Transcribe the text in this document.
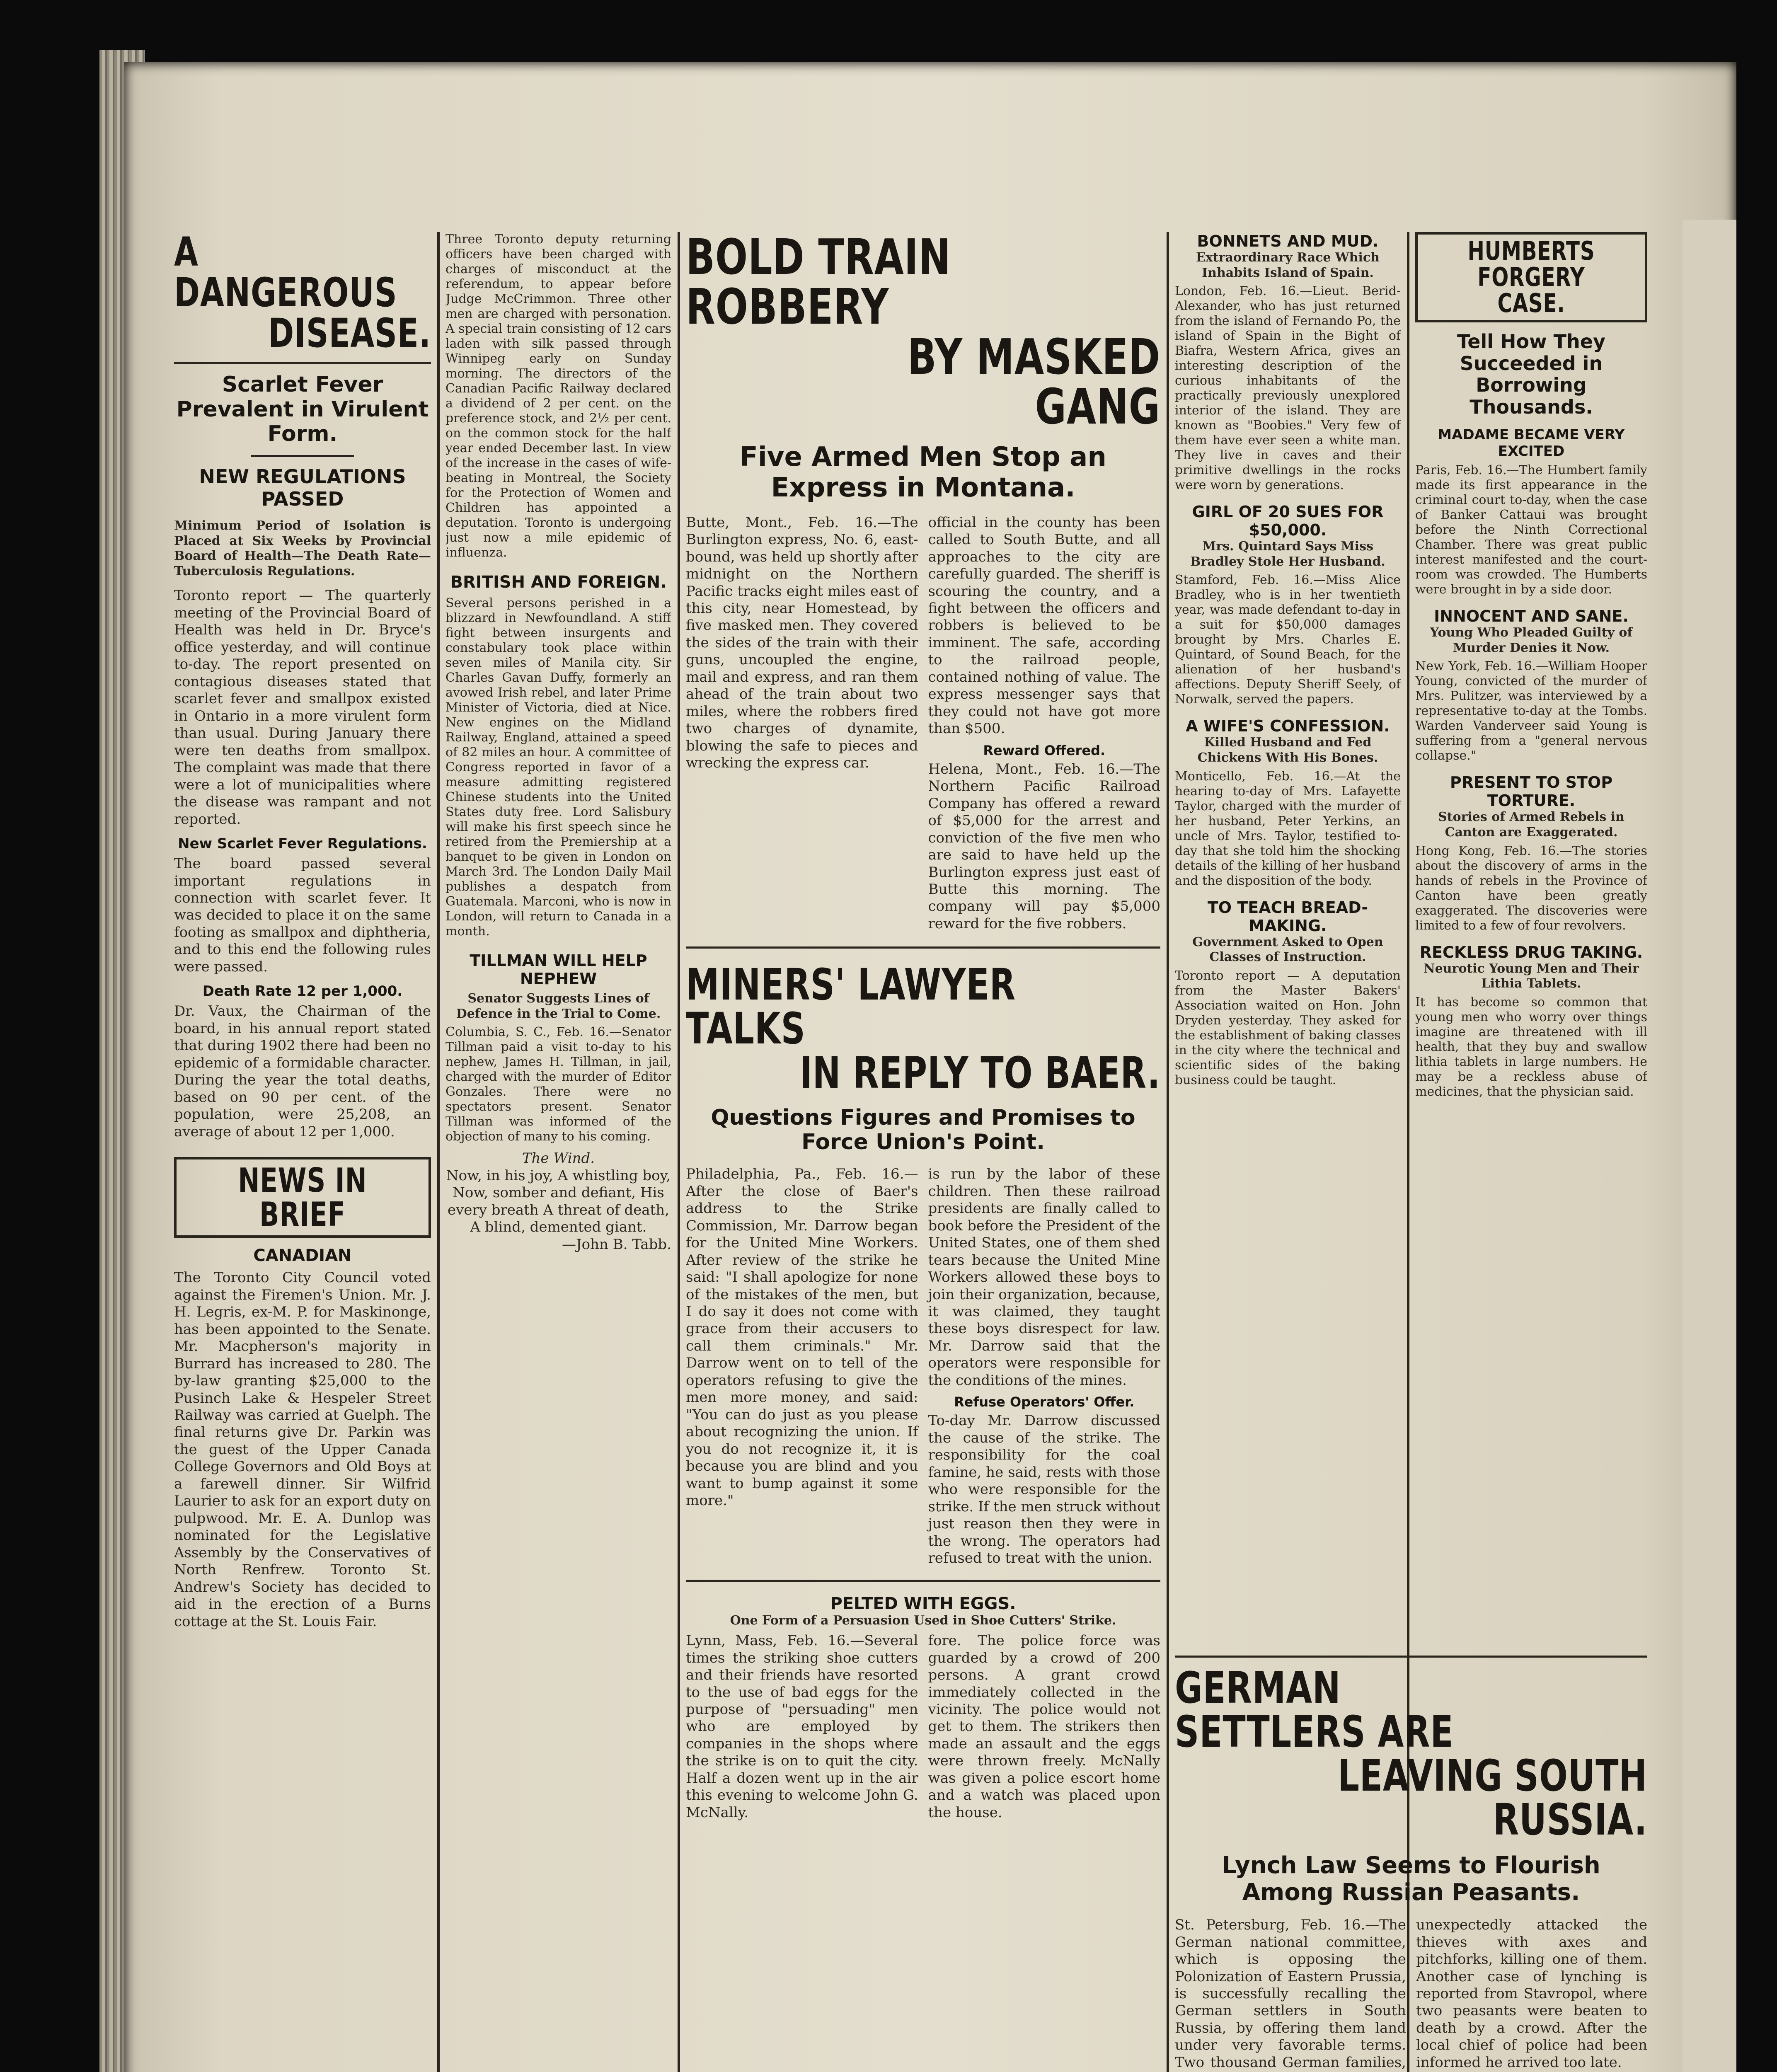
A DANGEROUS
DISEASE.
Scarlet Fever Prevalent in Virulent Form.
NEW REGULATIONS PASSED
Minimum Period of Isolation is Placed at Six Weeks by Provincial Board of Health—The Death Rate—Tuberculosis Regulations.
Toronto report — The quarterly meeting of the Provincial Board of Health was held in Dr. Bryce's office yesterday, and will continue to-day. The report presented on contagious diseases stated that scarlet fever and smallpox existed in Ontario in a more virulent form than usual. During January there were ten deaths from smallpox. The complaint was made that there were a lot of municipalities where the disease was rampant and not reported.
New Scarlet Fever Regulations.
The board passed several important regulations in connection with scarlet fever. It was decided to place it on the same footing as smallpox and diphtheria, and to this end the following rules were passed.
Death Rate 12 per 1,000.
Dr. Vaux, the Chairman of the board, in his annual report stated that during 1902 there had been no epidemic of a formidable character. During the year the total deaths, based on 90 per cent. of the population, were 25,208, an average of about 12 per 1,000.
NEWS IN BRIEF
CANADIAN
The Toronto City Council voted against the Firemen's Union. Mr. J. H. Legris, ex-M. P. for Maskinonge, has been appointed to the Senate. Mr. Macpherson's majority in Burrard has increased to 280. The by-law granting $25,000 to the Pusinch Lake & Hespeler Street Railway was carried at Guelph. The final returns give Dr. Parkin was the guest of the Upper Canada College Governors and Old Boys at a farewell dinner. Sir Wilfrid Laurier to ask for an export duty on pulpwood. Mr. E. A. Dunlop was nominated for the Legislative Assembly by the Conservatives of North Renfrew. Toronto St. Andrew's Society has decided to aid in the erection of a Burns cottage at the St. Louis Fair.
Three Toronto deputy returning officers have been charged with charges of misconduct at the referendum, to appear before Judge McCrimmon. Three other men are charged with personation. A special train consisting of 12 cars laden with silk passed through Winnipeg early on Sunday morning. The directors of the Canadian Pacific Railway declared a dividend of 2 per cent. on the preference stock, and 2½ per cent. on the common stock for the half year ended December last. In view of the increase in the cases of wife-beating in Montreal, the Society for the Protection of Women and Children has appointed a deputation. Toronto is undergoing just now a mile epidemic of influenza.
BRITISH AND FOREIGN.
Several persons perished in a blizzard in Newfoundland. A stiff fight between insurgents and constabulary took place within seven miles of Manila city. Sir Charles Gavan Duffy, formerly an avowed Irish rebel, and later Prime Minister of Victoria, died at Nice. New engines on the Midland Railway, England, attained a speed of 82 miles an hour. A committee of Congress reported in favor of a measure admitting registered Chinese students into the United States duty free. Lord Salisbury will make his first speech since he retired from the Premiership at a banquet to be given in London on March 3rd. The London Daily Mail publishes a despatch from Guatemala. Marconi, who is now in London, will return to Canada in a month.
TILLMAN WILL HELP NEPHEW
Senator Suggests Lines of Defence in the Trial to Come.
Columbia, S. C., Feb. 16.—Senator Tillman paid a visit to-day to his nephew, James H. Tillman, in jail, charged with the murder of Editor Gonzales. There were no spectators present. Senator Tillman was informed of the objection of many to his coming.
The Wind.
Now, in his joy, A whistling boy, Now, somber and defiant, His every breath A threat of death, A blind, demented giant.
—John B. Tabb.
BOLD TRAIN ROBBERY
BY MASKED GANG
Five Armed Men Stop an Express in Montana.
Butte, Mont., Feb. 16.—The Burlington express, No. 6, east-bound, was held up shortly after midnight on the Northern Pacific tracks eight miles east of this city, near Homestead, by five masked men. They covered the sides of the train with their guns, uncoupled the engine, mail and express, and ran them ahead of the train about two miles, where the robbers fired two charges of dynamite, blowing the safe to pieces and wrecking the express car.
official in the county has been called to South Butte, and all approaches to the city are carefully guarded. The sheriff is scouring the country, and a fight between the officers and robbers is believed to be imminent. The safe, according to the railroad people, contained nothing of value. The express messenger says that they could not have got more than $500.
Reward Offered.
Helena, Mont., Feb. 16.—The Northern Pacific Railroad Company has offered a reward of $5,000 for the arrest and conviction of the five men who are said to have held up the Burlington express just east of Butte this morning. The company will pay $5,000 reward for the five robbers.
MINERS' LAWYER TALKS
IN REPLY TO BAER.
Questions Figures and Promises to Force Union's Point.
Philadelphia, Pa., Feb. 16.—After the close of Baer's address to the Strike Commission, Mr. Darrow began for the United Mine Workers. After review of the strike he said: "I shall apologize for none of the mistakes of the men, but I do say it does not come with grace from their accusers to call them criminals." Mr. Darrow went on to tell of the operators refusing to give the men more money, and said: "You can do just as you please about recognizing the union. If you do not recognize it, it is because you are blind and you want to bump against it some more."
is run by the labor of these children. Then these railroad presidents are finally called to book before the President of the United States, one of them shed tears because the United Mine Workers allowed these boys to join their organization, because, it was claimed, they taught these boys disrespect for law. Mr. Darrow said that the operators were responsible for the conditions of the mines.
Refuse Operators' Offer.
To-day Mr. Darrow discussed the cause of the strike. The responsibility for the coal famine, he said, rests with those who were responsible for the strike. If the men struck without just reason then they were in the wrong. The operators had refused to treat with the union.
PELTED WITH EGGS.
One Form of a Persuasion Used in Shoe Cutters' Strike.
Lynn, Mass, Feb. 16.—Several times the striking shoe cutters and their friends have resorted to the use of bad eggs for the purpose of "persuading" men who are employed by companies in the shops where the strike is on to quit the city. Half a dozen went up in the air this evening to welcome John G. McNally.
fore. The police force was guarded by a crowd of 200 persons. A grant crowd immediately collected in the vicinity. The police would not get to them. The strikers then made an assault and the eggs were thrown freely. McNally was given a police escort home and a watch was placed upon the house.
BONNETS AND MUD.
Extraordinary Race Which Inhabits Island of Spain.
London, Feb. 16.—Lieut. Berid-Alexander, who has just returned from the island of Fernando Po, the island of Spain in the Bight of Biafra, Western Africa, gives an interesting description of the curious inhabitants of the practically previously unexplored interior of the island. They are known as "Boobies." Very few of them have ever seen a white man. They live in caves and their primitive dwellings in the rocks were worn by generations.
GIRL OF 20 SUES FOR $50,000.
Mrs. Quintard Says Miss Bradley Stole Her Husband.
Stamford, Feb. 16.—Miss Alice Bradley, who is in her twentieth year, was made defendant to-day in a suit for $50,000 damages brought by Mrs. Charles E. Quintard, of Sound Beach, for the alienation of her husband's affections. Deputy Sheriff Seely, of Norwalk, served the papers.
A WIFE'S CONFESSION.
Killed Husband and Fed Chickens With His Bones.
Monticello, Feb. 16.—At the hearing to-day of Mrs. Lafayette Taylor, charged with the murder of her husband, Peter Yerkins, an uncle of Mrs. Taylor, testified to-day that she told him the shocking details of the killing of her husband and the disposition of the body.
TO TEACH BREAD-MAKING.
Government Asked to Open Classes of Instruction.
Toronto report — A deputation from the Master Bakers' Association waited on Hon. John Dryden yesterday. They asked for the establishment of baking classes in the city where the technical and scientific sides of the baking business could be taught.
HUMBERTS FORGERY CASE.
Tell How They Succeeded in Borrowing Thousands.
MADAME BECAME VERY EXCITED
Paris, Feb. 16.—The Humbert family made its first appearance in the criminal court to-day, when the case of Banker Cattaui was brought before the Ninth Correctional Chamber. There was great public interest manifested and the court-room was crowded. The Humberts were brought in by a side door.
INNOCENT AND SANE.
Young Who Pleaded Guilty of Murder Denies it Now.
New York, Feb. 16.—William Hooper Young, convicted of the murder of Mrs. Pulitzer, was interviewed by a representative to-day at the Tombs. Warden Vanderveer said Young is suffering from a "general nervous collapse."
PRESENT TO STOP TORTURE.
Stories of Armed Rebels in Canton are Exaggerated.
Hong Kong, Feb. 16.—The stories about the discovery of arms in the hands of rebels in the Province of Canton have been greatly exaggerated. The discoveries were limited to a few of four revolvers.
RECKLESS DRUG TAKING.
Neurotic Young Men and Their Lithia Tablets.
It has become so common that young men who worry over things imagine are threatened with ill health, that they buy and swallow lithia tablets in large numbers. He may be a reckless abuse of medicines, that the physician said.
GERMAN SETTLERS ARE
LEAVING SOUTH RUSSIA.
Lynch Law Seems to Flourish Among Russian Peasants.
St. Petersburg, Feb. 16.—The German national committee, which is opposing the Polonization of Eastern Prussia, is successfully recalling the German settlers in South Russia, by offering them land under very favorable terms. Two thousand German families,
unexpectedly attacked the thieves with axes and pitchforks, killing one of them. Another case of lynching is reported from Stavropol, where two peasants were beaten to death by a crowd. After the local chief of police had been informed he arrived too late.
